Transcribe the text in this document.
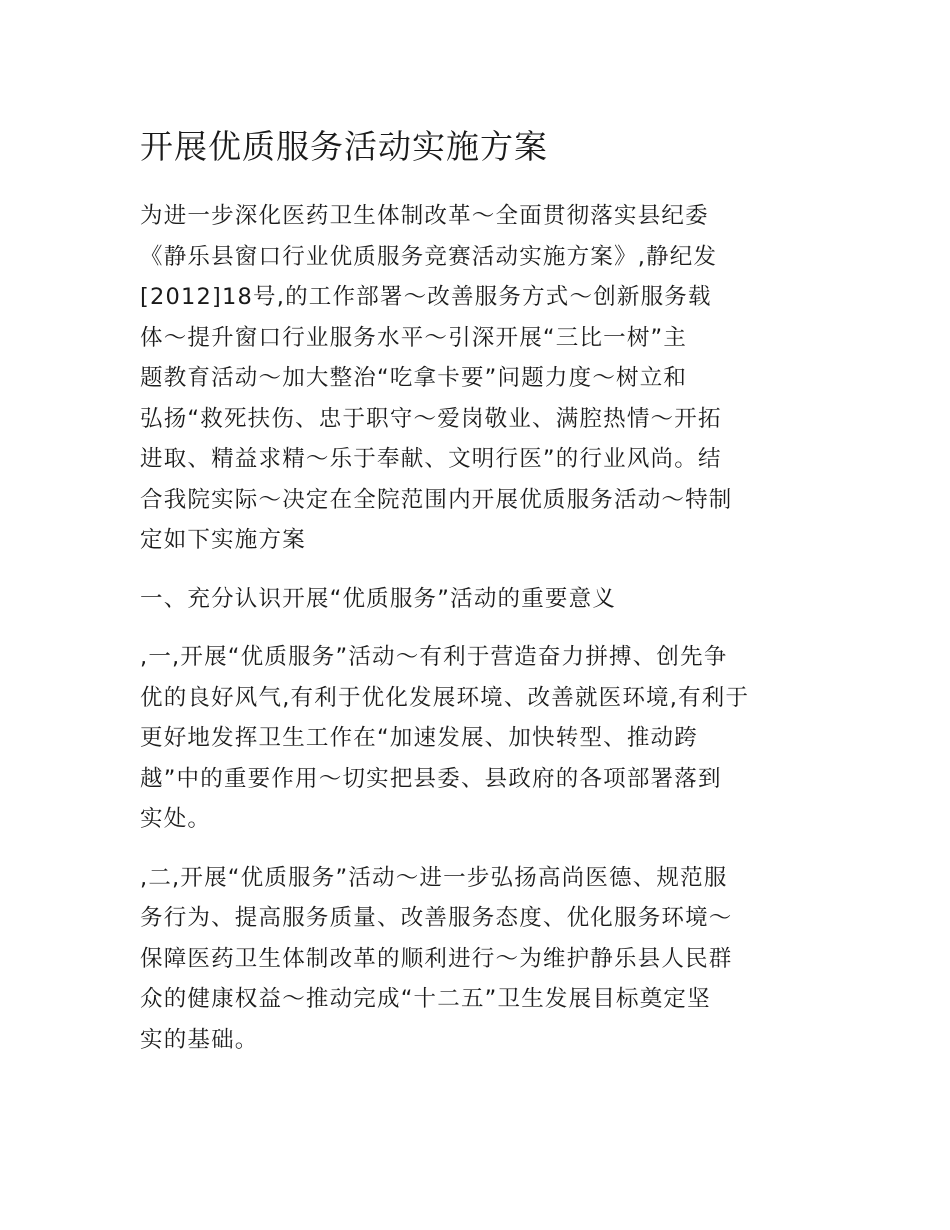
开展优质服务活动实施方案

为进一步深化医药卫生体制改革～全面贯彻落实县纪委
《静乐县窗口行业优质服务竞赛活动实施方案》,静纪发
[2012]18号,的工作部署～改善服务方式～创新服务载
体～提升窗口行业服务水平～引深开展“三比一树”主
题教育活动～加大整治“吃拿卡要”问题力度～树立和
弘扬“救死扶伤、忠于职守～爱岗敬业、满腔热情～开拓
进取、精益求精～乐于奉献、文明行医”的行业风尚。结
合我院实际～决定在全院范围内开展优质服务活动～特制
定如下实施方案

一、充分认识开展“优质服务”活动的重要意义

,一,开展“优质服务”活动～有利于营造奋力拼搏、创先争
优的良好风气,有利于优化发展环境、改善就医环境,有利于
更好地发挥卫生工作在“加速发展、加快转型、推动跨
越”中的重要作用～切实把县委、县政府的各项部署落到
实处。

,二,开展“优质服务”活动～进一步弘扬高尚医德、规范服
务行为、提高服务质量、改善服务态度、优化服务环境～
保障医药卫生体制改革的顺利进行～为维护静乐县人民群
众的健康权益～推动完成“十二五”卫生发展目标奠定坚
实的基础。
